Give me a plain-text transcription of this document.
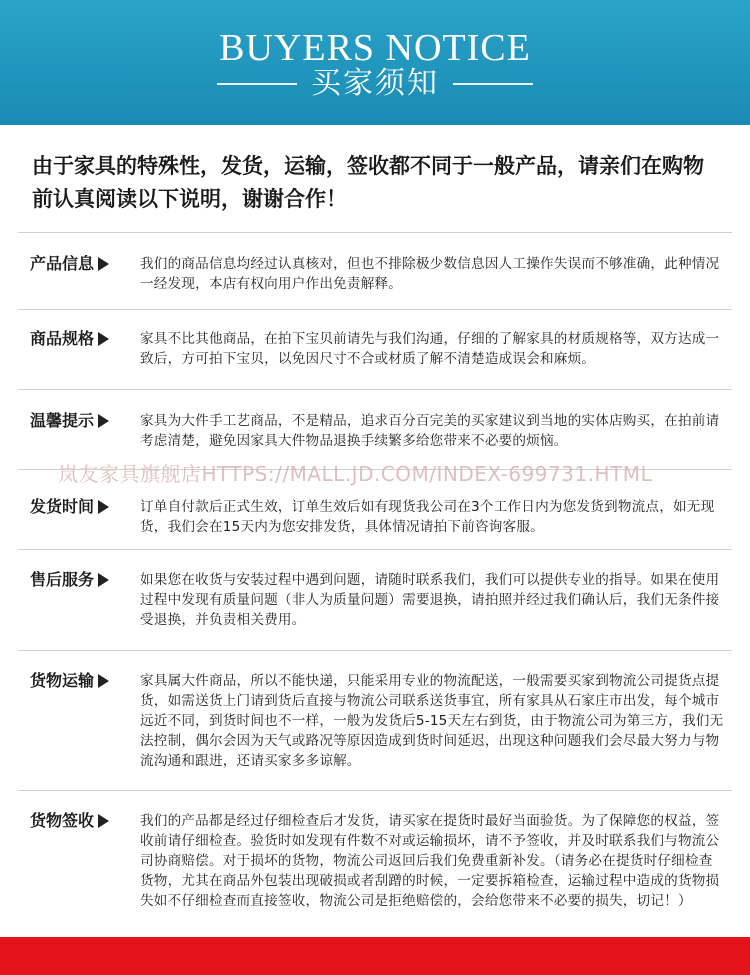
BUYERS NOTICE
买家须知
由于家具的特殊性，发货，运输，签收都不同于一般产品，请亲们在购物前认真阅读以下说明，谢谢合作！
产品信息	我们的商品信息均经过认真核对，但也不排除极少数信息因人工操作失误而不够准确，此种情况一经发现，本店有权向用户作出免责解释。
商品规格	家具不比其他商品，在拍下宝贝前请先与我们沟通，仔细的了解家具的材质规格等，双方达成一致后，方可拍下宝贝，以免因尺寸不合或材质了解不清楚造成误会和麻烦。
温馨提示	家具为大件手工艺商品，不是精品，追求百分百完美的买家建议到当地的实体店购买，在拍前请考虑清楚，避免因家具大件物品退换手续繁多给您带来不必要的烦恼。
发货时间	订单自付款后正式生效，订单生效后如有现货我公司在3个工作日内为您发货到物流点，如无现货，我们会在15天内为您安排发货，具体情况请拍下前咨询客服。
售后服务	如果您在收货与安装过程中遇到问题，请随时联系我们，我们可以提供专业的指导。如果在使用过程中发现有质量问题（非人为质量问题）需要退换，请拍照并经过我们确认后，我们无条件接受退换，并负责相关费用。
货物运输	家具属大件商品，所以不能快递，只能采用专业的物流配送，一般需要买家到物流公司提货点提货，如需送货上门请到货后直接与物流公司联系送货事宜，所有家具从石家庄市出发，每个城市远近不同，到货时间也不一样，一般为发货后5-15天左右到货，由于物流公司为第三方，我们无法控制，偶尔会因为天气或路况等原因造成到货时间延迟，出现这种问题我们会尽最大努力与物流沟通和跟进，还请买家多多谅解。
货物签收	我们的产品都是经过仔细检查后才发货，请买家在提货时最好当面验货。为了保障您的权益，签收前请仔细检查。验货时如发现有件数不对或运输损坏，请不予签收，并及时联系我们与物流公司协商赔偿。对于损坏的货物，物流公司返回后我们免费重新补发。（请务必在提货时仔细检查货物，尤其在商品外包装出现破损或者刮蹭的时候，一定要拆箱检查，运输过程中造成的货物损失如不仔细检查而直接签收，物流公司是拒绝赔偿的，会给您带来不必要的损失，切记！）
岚友家具旗舰店HTTPS://MALL.JD.COM/INDEX-699731.HTML
